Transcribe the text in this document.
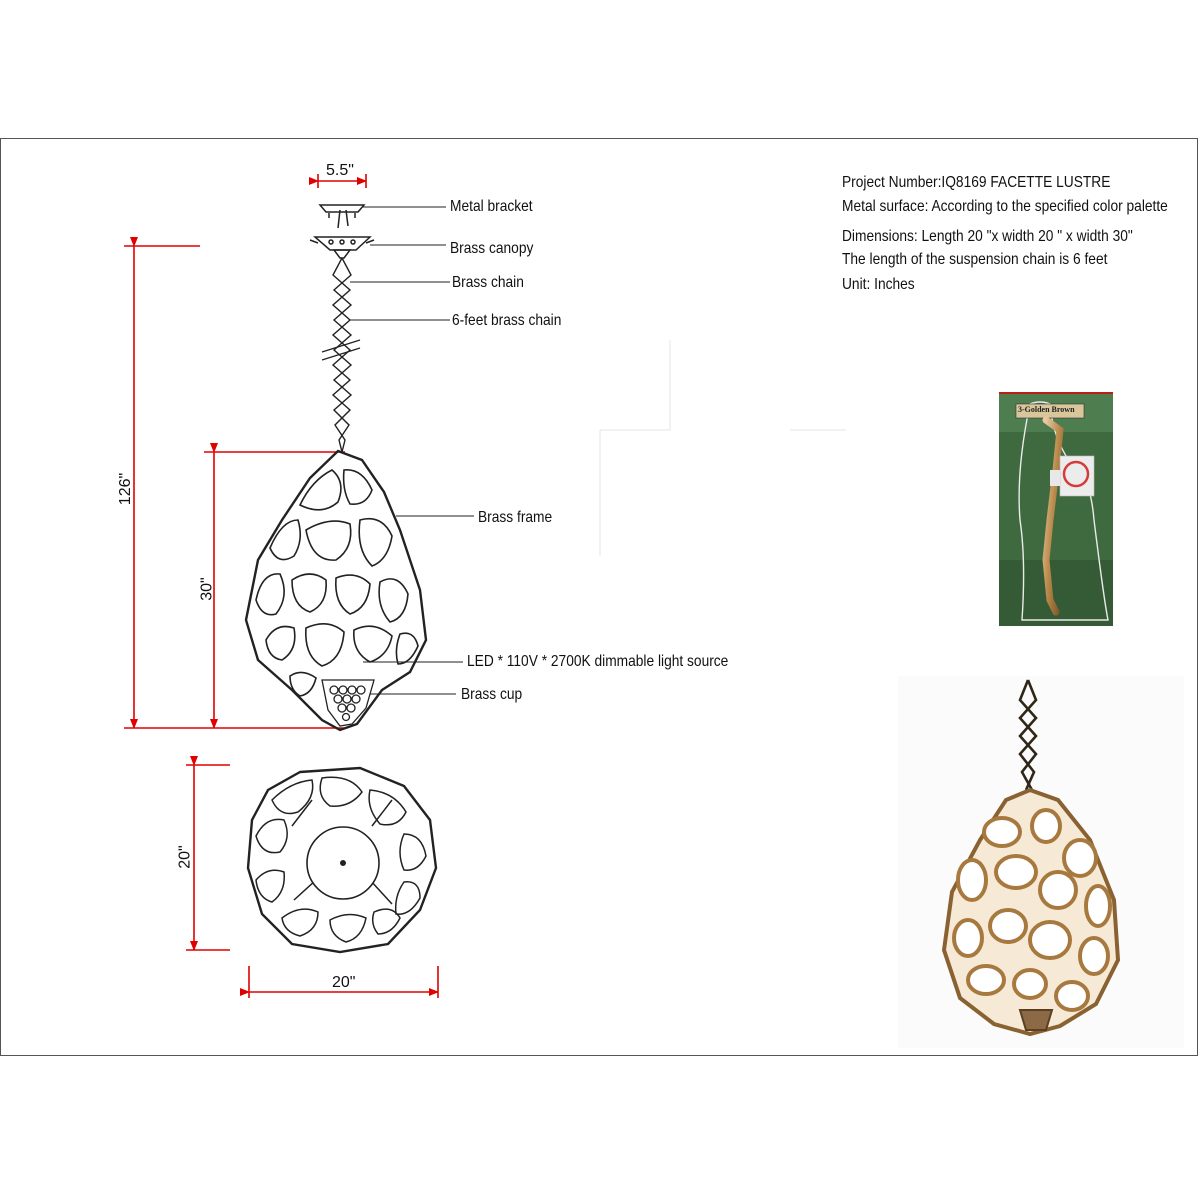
Metal bracket
Brass canopy
Brass chain
6-feet brass chain
Brass frame
LED * 110V * 2700K dimmable light source
Brass cup
5.5"
126"
30"
20"
20"
Project Number:IQ8169 FACETTE LUSTRE
Metal surface: According to the specified color palette
Dimensions: Length 20 "x width 20 " x width 30"
The length of the suspension chain is 6 feet
Unit: Inches
3-Golden Brown
